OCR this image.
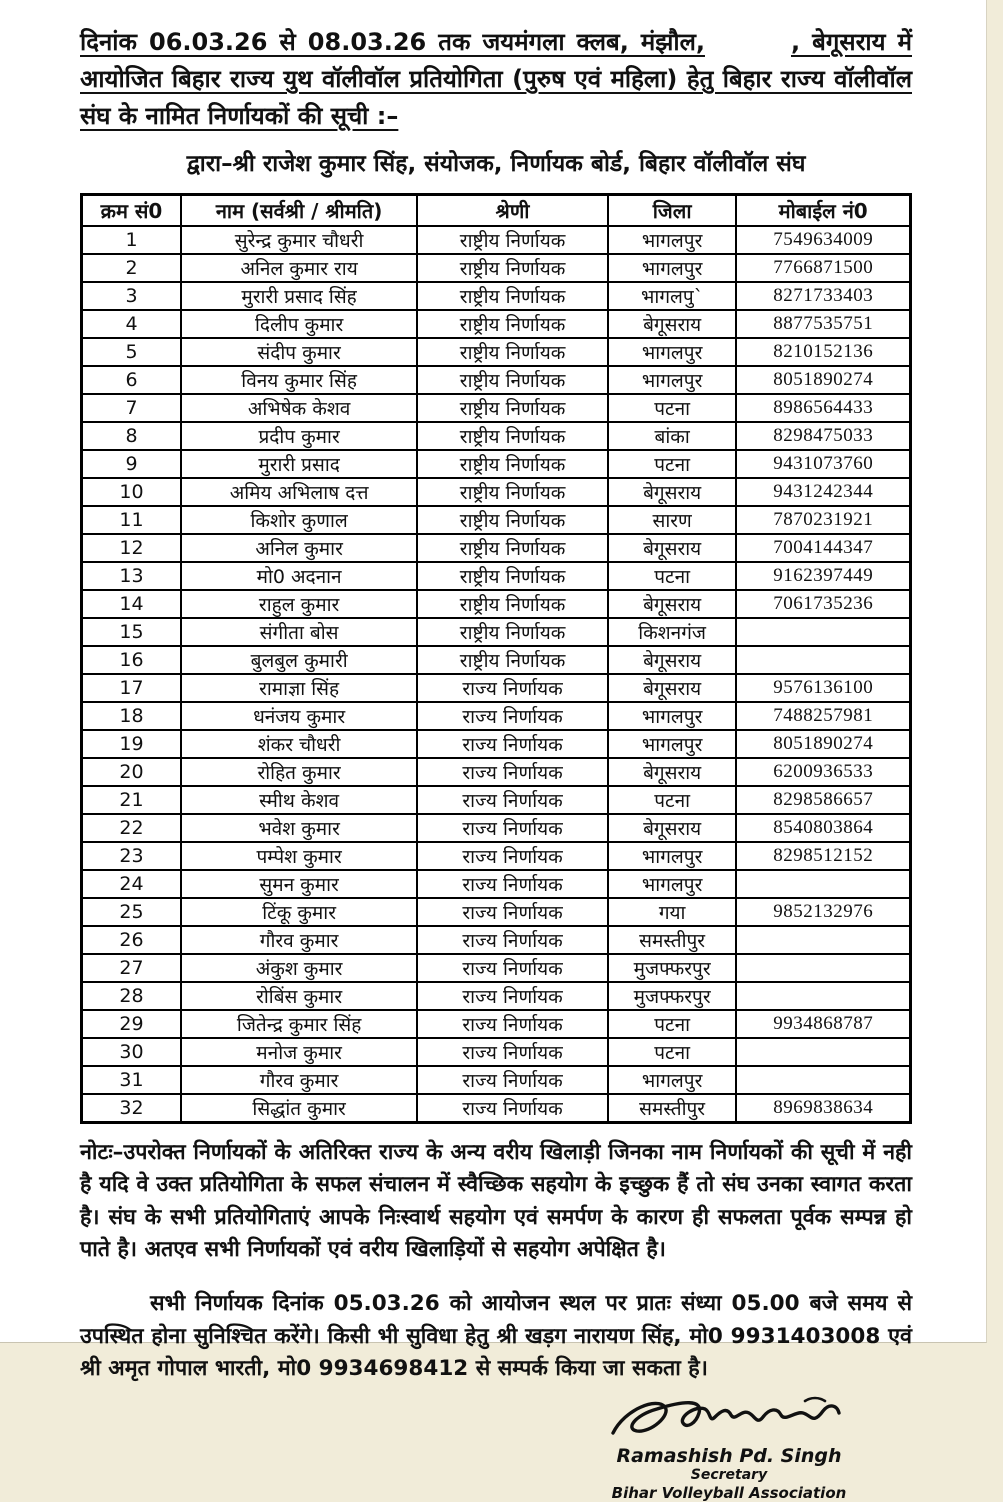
दिनांक 06.03.26 से 08.03.26 तक जयमंगला क्लब, मंझौल,	, बेगूसराय में आयोजित बिहार राज्य युथ वॉलीवॉल प्रतियोगिता (पुरुष एवं महिला) हेतु बिहार राज्य वॉलीवॉल संघ के नामित निर्णायकों की सूची :–

द्वारा–श्री राजेश कुमार सिंह, संयोजक, निर्णायक बोर्ड, बिहार वॉलीवॉल संघ

क्रम सं0	नाम (सर्वश्री / श्रीमति)	श्रेणी	जिला	मोबाईल नं0
1	सुरेन्द्र कुमार चौधरी	राष्ट्रीय निर्णायक	भागलपुर	7549634009
2	अनिल कुमार राय	राष्ट्रीय निर्णायक	भागलपुर	7766871500
3	मुरारी प्रसाद सिंह	राष्ट्रीय निर्णायक	भागलपुˋ	8271733403
4	दिलीप कुमार	राष्ट्रीय निर्णायक	बेगूसराय	8877535751
5	संदीप कुमार	राष्ट्रीय निर्णायक	भागलपुर	8210152136
6	विनय कुमार सिंह	राष्ट्रीय निर्णायक	भागलपुर	8051890274
7	अभिषेक केशव	राष्ट्रीय निर्णायक	पटना	8986564433
8	प्रदीप कुमार	राष्ट्रीय निर्णायक	बांका	8298475033
9	मुरारी प्रसाद	राष्ट्रीय निर्णायक	पटना	9431073760
10	अमिय अभिलाष दत्त	राष्ट्रीय निर्णायक	बेगूसराय	9431242344
11	किशोर कुणाल	राष्ट्रीय निर्णायक	सारण	7870231921
12	अनिल कुमार	राष्ट्रीय निर्णायक	बेगूसराय	7004144347
13	मो0 अदनान	राष्ट्रीय निर्णायक	पटना	9162397449
14	राहुल कुमार	राष्ट्रीय निर्णायक	बेगूसराय	7061735236
15	संगीता बोस	राष्ट्रीय निर्णायक	किशनगंज	
16	बुलबुल कुमारी	राष्ट्रीय निर्णायक	बेगूसराय	
17	रामाज्ञा सिंह	राज्य निर्णायक	बेगूसराय	9576136100
18	धनंजय कुमार	राज्य निर्णायक	भागलपुर	7488257981
19	शंकर चौधरी	राज्य निर्णायक	भागलपुर	8051890274
20	रोहित कुमार	राज्य निर्णायक	बेगूसराय	6200936533
21	स्मीथ केशव	राज्य निर्णायक	पटना	8298586657
22	भवेश कुमार	राज्य निर्णायक	बेगूसराय	8540803864
23	पम्पेश कुमार	राज्य निर्णायक	भागलपुर	8298512152
24	सुमन कुमार	राज्य निर्णायक	भागलपुर	
25	टिंकू कुमार	राज्य निर्णायक	गया	9852132976
26	गौरव कुमार	राज्य निर्णायक	समस्तीपुर	
27	अंकुश कुमार	राज्य निर्णायक	मुजफ्फरपुर	
28	रोबिंस कुमार	राज्य निर्णायक	मुजफ्फरपुर	
29	जितेन्द्र कुमार सिंह	राज्य निर्णायक	पटना	9934868787
30	मनोज कुमार	राज्य निर्णायक	पटना	
31	गौरव कुमार	राज्य निर्णायक	भागलपुर	
32	सिद्धांत कुमार	राज्य निर्णायक	समस्तीपुर	8969838634

नोटः–उपरोक्त निर्णायकों के अतिरिक्त राज्य के अन्य वरीय खिलाड़ी जिनका नाम निर्णायकों की सूची में नही है यदि वे उक्त प्रतियोगिता के सफल संचालन में स्वैच्छिक सहयोग के इच्छुक हैं तो संघ उनका स्वागत करता है। संघ के सभी प्रतियोगिताएं आपके निःस्वार्थ सहयोग एवं समर्पण के कारण ही सफलता पूर्वक सम्पन्न हो पाते है। अतएव सभी निर्णायकों एवं वरीय खिलाड़ियों से सहयोग अपेक्षित है।

सभी निर्णायक दिनांक 05.03.26 को आयोजन स्थल पर प्रातः संध्या 05.00 बजे समय से उपस्थित होना सुनिश्चित करेंगे। किसी भी सुविधा हेतु श्री खड़ग नारायण सिंह, मो0 9931403008 एवं श्री अमृत गोपाल भारती, मो0 9934698412 से सम्पर्क किया जा सकता है।

Ramashish Pd. Singh
Secretary
Bihar Volleyball Association
